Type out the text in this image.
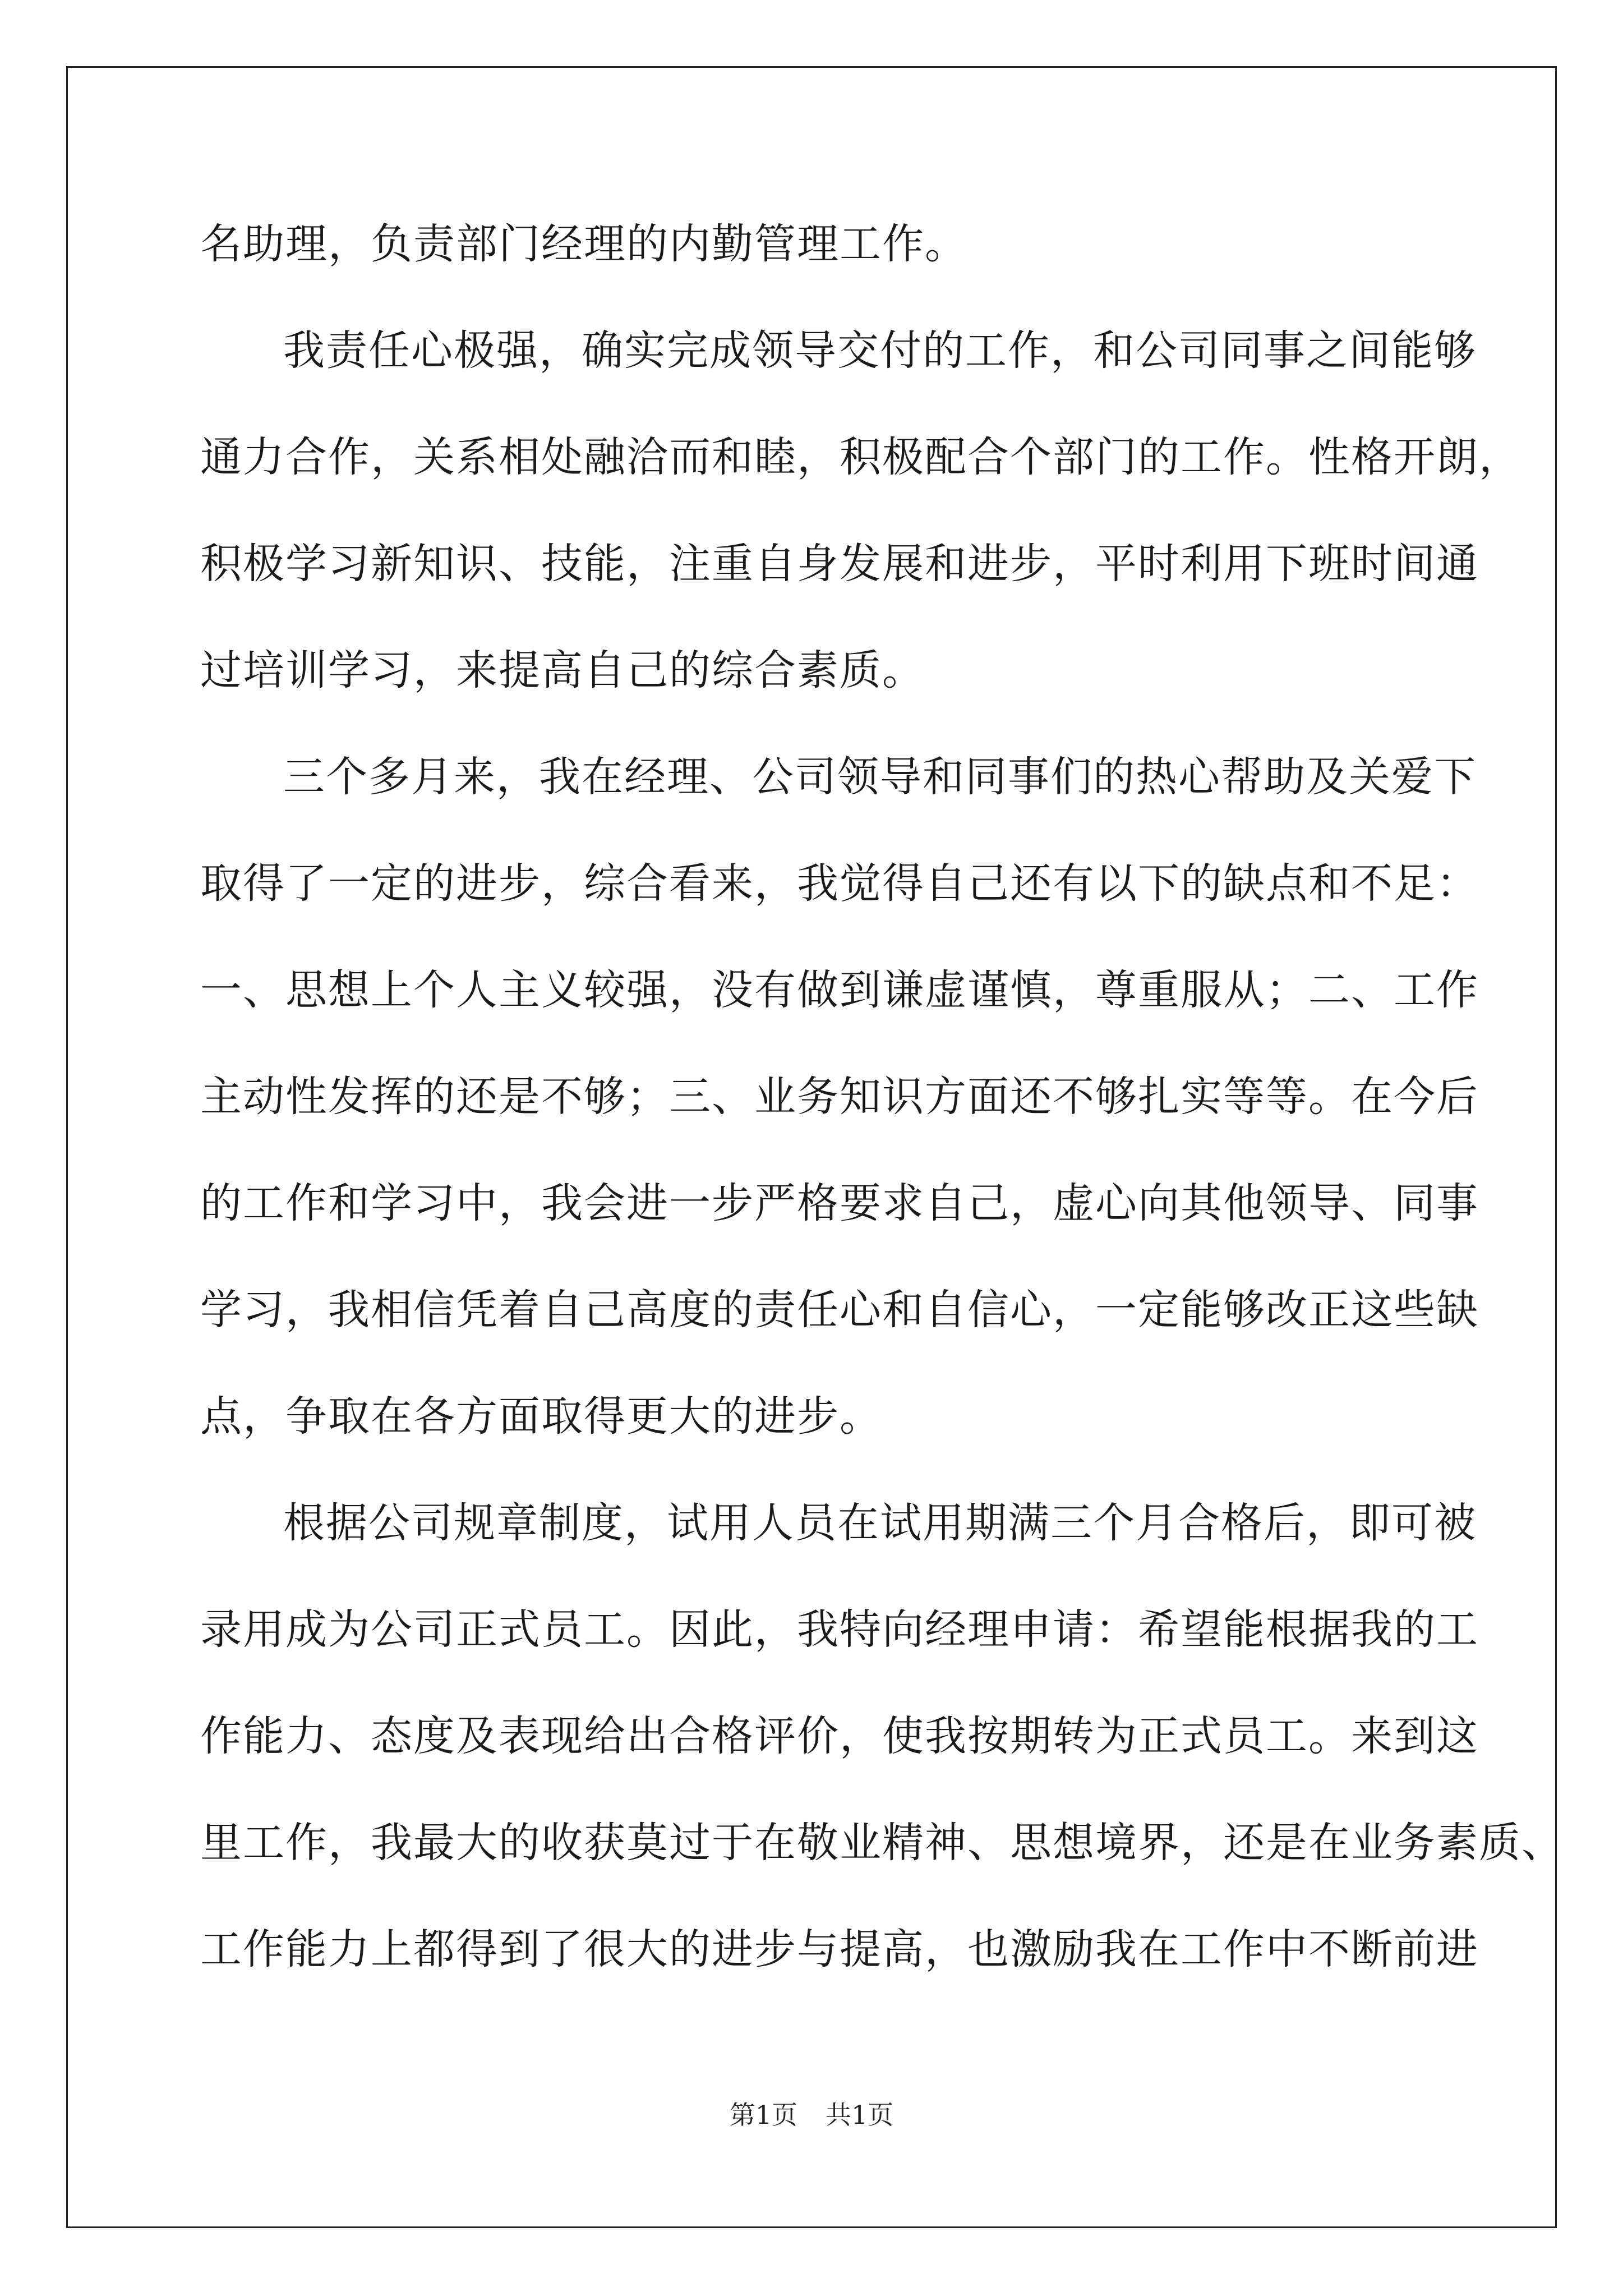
名助理，负责部门经理的内勤管理工作。
我责任心极强，确实完成领导交付的工作，和公司同事之间能够
通力合作，关系相处融洽而和睦，积极配合个部门的工作。性格开朗，
积极学习新知识、技能，注重自身发展和进步，平时利用下班时间通
过培训学习，来提高自己的综合素质。
三个多月来，我在经理、公司领导和同事们的热心帮助及关爱下
取得了一定的进步，综合看来，我觉得自己还有以下的缺点和不足：
一、思想上个人主义较强，没有做到谦虚谨慎，尊重服从；二、工作
主动性发挥的还是不够；三、业务知识方面还不够扎实等等。在今后
的工作和学习中，我会进一步严格要求自己，虚心向其他领导、同事
学习，我相信凭着自己高度的责任心和自信心，一定能够改正这些缺
点，争取在各方面取得更大的进步。
根据公司规章制度，试用人员在试用期满三个月合格后，即可被
录用成为公司正式员工。因此，我特向经理申请：希望能根据我的工
作能力、态度及表现给出合格评价，使我按期转为正式员工。来到这
里工作，我最大的收获莫过于在敬业精神、思想境界，还是在业务素质、
工作能力上都得到了很大的进步与提高，也激励我在工作中不断前进
第1页 共1页
